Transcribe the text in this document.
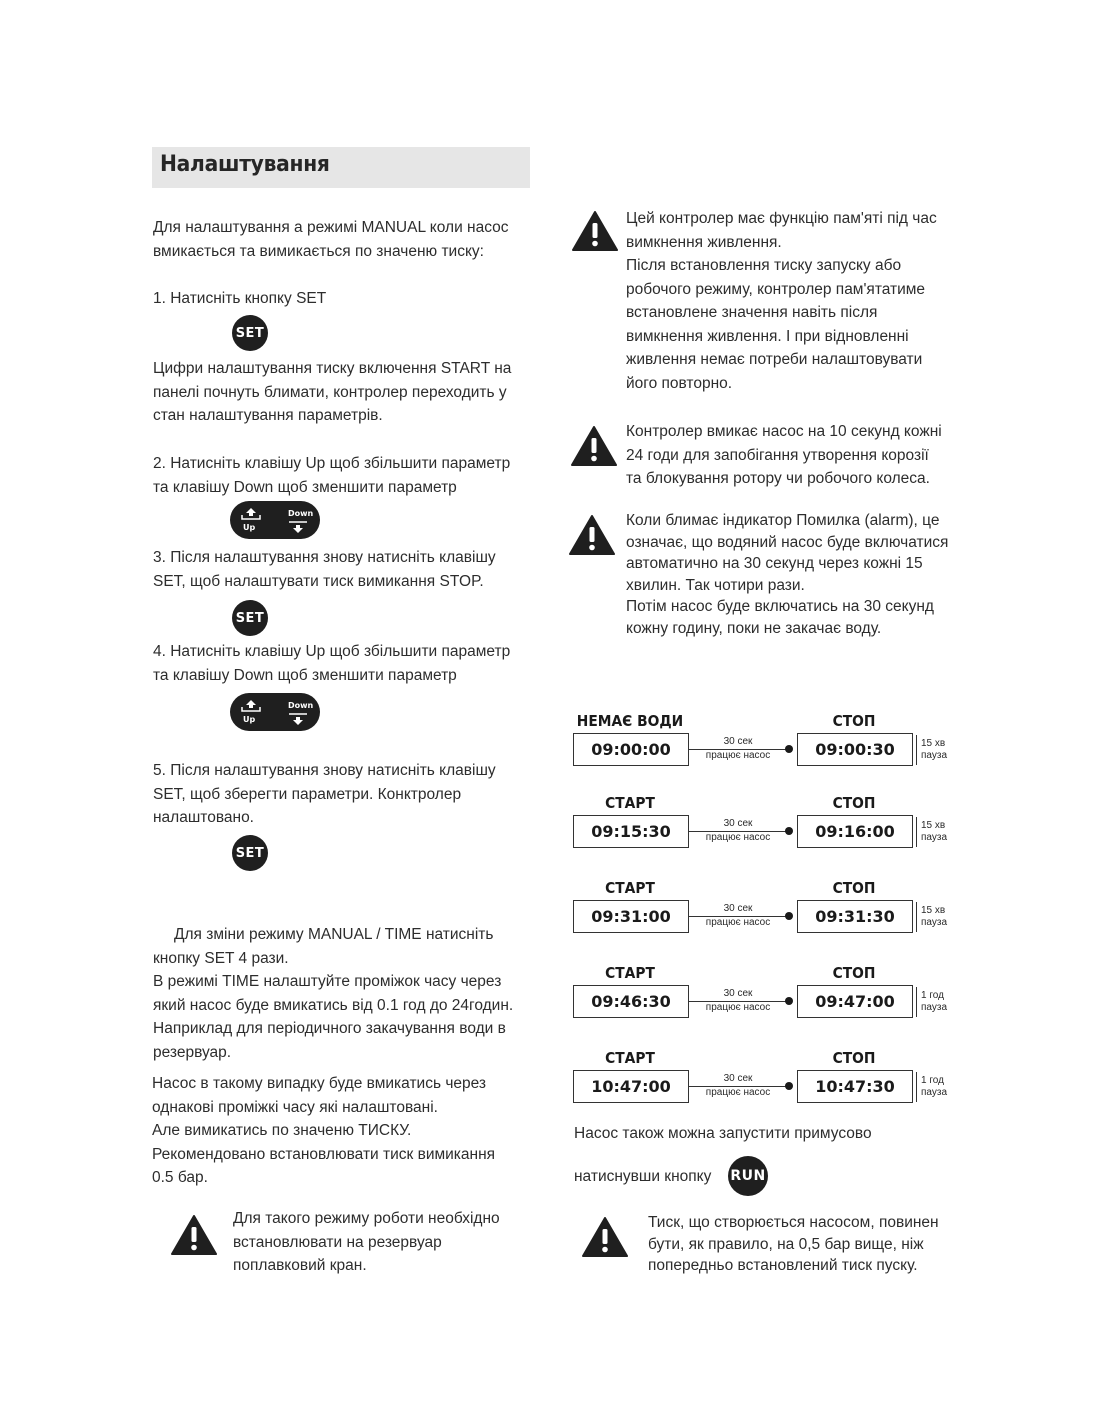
Налаштування
Для налаштування а режимі MANUAL коли насос
вмикається та вимикається по значеню тиску:
1. Натисніть кнопку SET
SET
Цифри налаштування тиску включення START на
панелі почнуть блимати, контролер переходить у
стан налаштування параметрів.
2. Натисніть клавішу Up щоб збільшити параметр
та клавішу Down щоб зменшити параметр
Up
Down
3. Після налаштування знову натисніть клавішу
SET, щоб налаштувати тиск вимикання STOP.
SET
4. Натисніть клавішу Up щоб збільшити параметр
та клавішу Down щоб зменшити параметр
Up
Down
5. Після налаштування знову натисніть клавішу
SET, щоб зберегти параметри. Конктролер
налаштовано.
SET
Для зміни режиму MANUAL / TIME натисніть
кнопку SET 4 рази.
В режимі TIME налаштуйте проміжок часу через
який насос буде вмикатись від 0.1 год до 24годин.
Наприклад для періодичного закачування води в
резервуар.
Насос в такому випадку буде вмикатись через
однакові проміжкі часу які налаштовані.
Але вимикатись по значеню ТИСКУ.
Рекомендовано встановлювати тиск вимикання
0.5 бар.
Для такого режиму роботи необхідно
встановлювати на резервуар
поплавковий кран.
Цей контролер має функцію пам'яті під час
вимкнення живлення.
Після встановлення тиску запуску або
робочого режиму, контролер пам'ятатиме
встановлене значення навіть після
вимкнення живлення. І при відновленні
живлення немає потреби налаштовувати
його повторно.
Контролер вмикає насос на 10 секунд кожні
24 годи для запобігання утворення корозії
та блокування ротору чи робочого колеса.
Коли блимає індикатор Помилка (alarm), це
означає, що водяний насос буде включатися
автоматично на 30 секунд через кожні 15
хвилин. Так чотири рази.
Потім насос буде включатись на 30 секунд
кожну годину, поки не закачає воду.
НЕМАЄ ВОДИ
09:00:00	30 сек
працює насос
СТОП
09:00:30	15 хв
пауза
СТАРТ
09:15:30	30 сек
працює насос
СТОП
09:16:00	15 хв
пауза
СТАРТ
09:31:00	30 сек
працює насос
СТОП
09:31:30	15 хв
пауза
СТАРТ
09:46:30	30 сек
працює насос
СТОП
09:47:00	1 год
пауза
СТАРТ
10:47:00	30 сек
працює насос
СТОП
10:47:30	1 год
пауза
Насос також можна запустити примусово
натиснувши кнопку RUN
Тиск, що створюється насосом, повинен
бути, як правило, на 0,5 бар вище, ніж
попередньо встановлений тиск пуску.
